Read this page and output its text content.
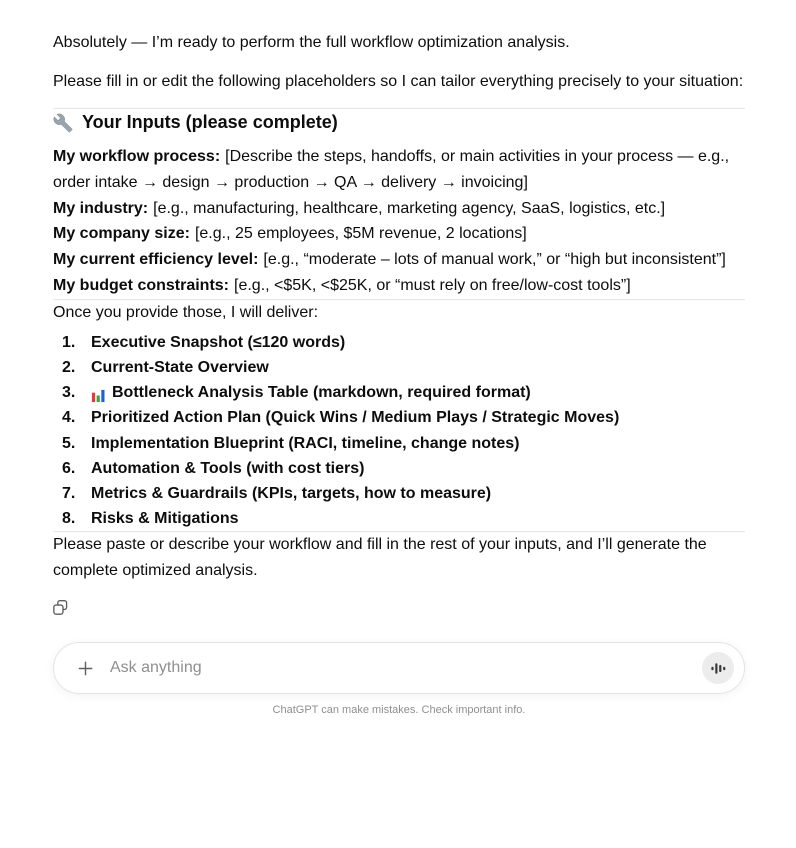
Absolutely — I’m ready to perform the full workflow optimization analysis.

Please fill in or edit the following placeholders so I can tailor everything precisely to your situation:

Your Inputs (please complete)
My workflow process: [Describe the steps, handoffs, or main activities in your process — e.g., order intake → design → production → QA → delivery → invoicing]
My industry: [e.g., manufacturing, healthcare, marketing agency, SaaS, logistics, etc.]
My company size: [e.g., 25 employees, $5M revenue, 2 locations]
My current efficiency level: [e.g., “moderate – lots of manual work,” or “high but inconsistent”]
My budget constraints: [e.g., <$5K, <$25K, or “must rely on free/low-cost tools”]

Once you provide those, I will deliver:

1. Executive Snapshot (≤120 words)
2. Current-State Overview
3.	Bottleneck Analysis Table (markdown, required format)
4. Prioritized Action Plan (Quick Wins / Medium Plays / Strategic Moves)
5. Implementation Blueprint (RACI, timeline, change notes)
6. Automation & Tools (with cost tiers)
7. Metrics & Guardrails (KPIs, targets, how to measure)
8. Risks & Mitigations

Please paste or describe your workflow and fill in the rest of your inputs, and I’ll generate the complete optimized analysis.

Ask anything
ChatGPT can make mistakes. Check important info.
